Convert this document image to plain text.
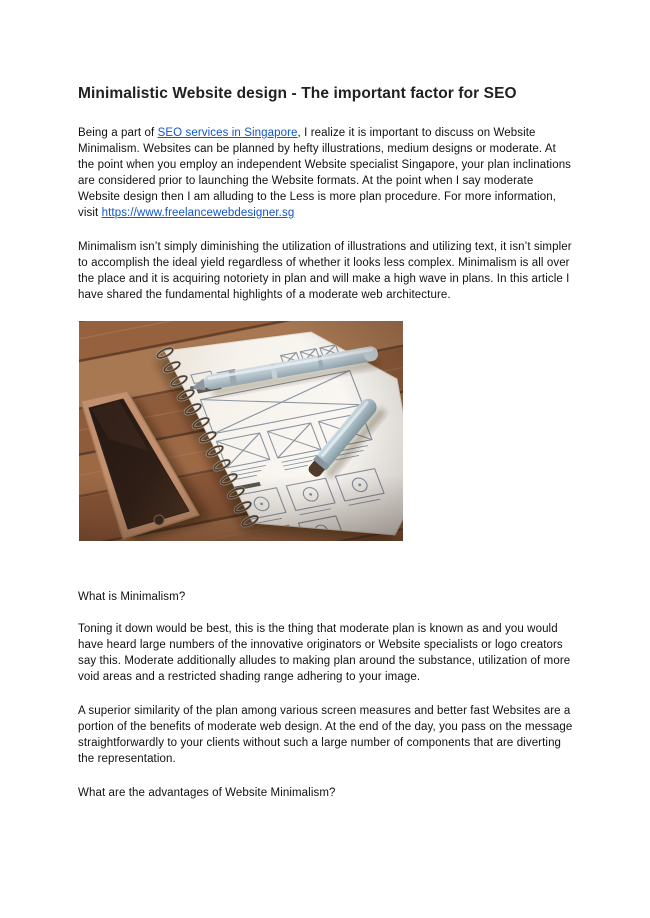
Minimalistic Website design - The important factor for SEO

Being a part of SEO services in Singapore, I realize it is important to discuss on Website Minimalism. Websites can be planned by hefty illustrations, medium designs or moderate. At the point when you employ an independent Website specialist Singapore, your plan inclinations are considered prior to launching the Website formats. At the point when I say moderate Website design then I am alluding to the Less is more plan procedure. For more information, visit https://www.freelancewebdesigner.sg

Minimalism isn’t simply diminishing the utilization of illustrations and utilizing text, it isn’t simpler to accomplish the ideal yield regardless of whether it looks less complex. Minimalism is all over the place and it is acquiring notoriety in plan and will make a high wave in plans. In this article I have shared the fundamental highlights of a moderate web architecture.

What is Minimalism?

Toning it down would be best, this is the thing that moderate plan is known as and you would have heard large numbers of the innovative originators or Website specialists or logo creators say this. Moderate additionally alludes to making plan around the substance, utilization of more void areas and a restricted shading range adhering to your image.

A superior similarity of the plan among various screen measures and better fast Websites are a portion of the benefits of moderate web design. At the end of the day, you pass on the message straightforwardly to your clients without such a large number of components that are diverting the representation.

What are the advantages of Website Minimalism?
